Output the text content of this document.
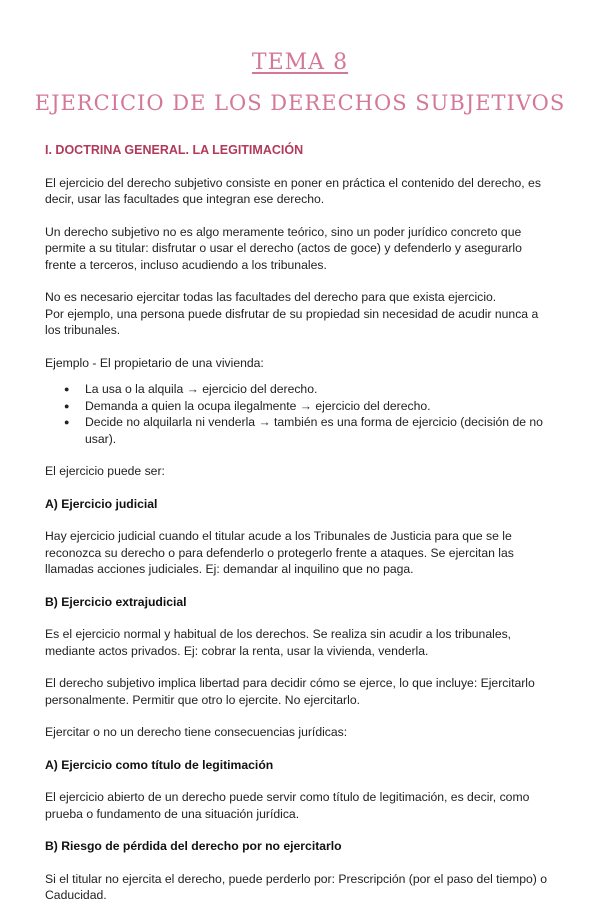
TEMA 8
EJERCICIO DE LOS DERECHOS SUBJETIVOS
I. DOCTRINA GENERAL. LA LEGITIMACIÓN

El ejercicio del derecho subjetivo consiste en poner en práctica el contenido del derecho, es decir, usar las facultades que integran ese derecho.

Un derecho subjetivo no es algo meramente teórico, sino un poder jurídico concreto que permite a su titular: disfrutar o usar el derecho (actos de goce) y defenderlo y asegurarlo frente a terceros, incluso acudiendo a los tribunales.

No es necesario ejercitar todas las facultades del derecho para que exista ejercicio.
Por ejemplo, una persona puede disfrutar de su propiedad sin necesidad de acudir nunca a los tribunales.

Ejemplo - El propietario de una vivienda:

● La usa o la alquila → ejercicio del derecho.
● Demanda a quien la ocupa ilegalmente → ejercicio del derecho.
● Decide no alquilarla ni venderla → también es una forma de ejercicio (decisión de no usar).

El ejercicio puede ser:

A) Ejercicio judicial

Hay ejercicio judicial cuando el titular acude a los Tribunales de Justicia para que se le reconozca su derecho o para defenderlo o protegerlo frente a ataques. Se ejercitan las llamadas acciones judiciales. Ej: demandar al inquilino que no paga.

B) Ejercicio extrajudicial

Es el ejercicio normal y habitual de los derechos. Se realiza sin acudir a los tribunales, mediante actos privados. Ej: cobrar la renta, usar la vivienda, venderla.

El derecho subjetivo implica libertad para decidir cómo se ejerce, lo que incluye: Ejercitarlo personalmente. Permitir que otro lo ejercite. No ejercitarlo.

Ejercitar o no un derecho tiene consecuencias jurídicas:

A) Ejercicio como título de legitimación

El ejercicio abierto de un derecho puede servir como título de legitimación, es decir, como prueba o fundamento de una situación jurídica.

B) Riesgo de pérdida del derecho por no ejercitarlo

Si el titular no ejercita el derecho, puede perderlo por: Prescripción (por el paso del tiempo) o Caducidad.
